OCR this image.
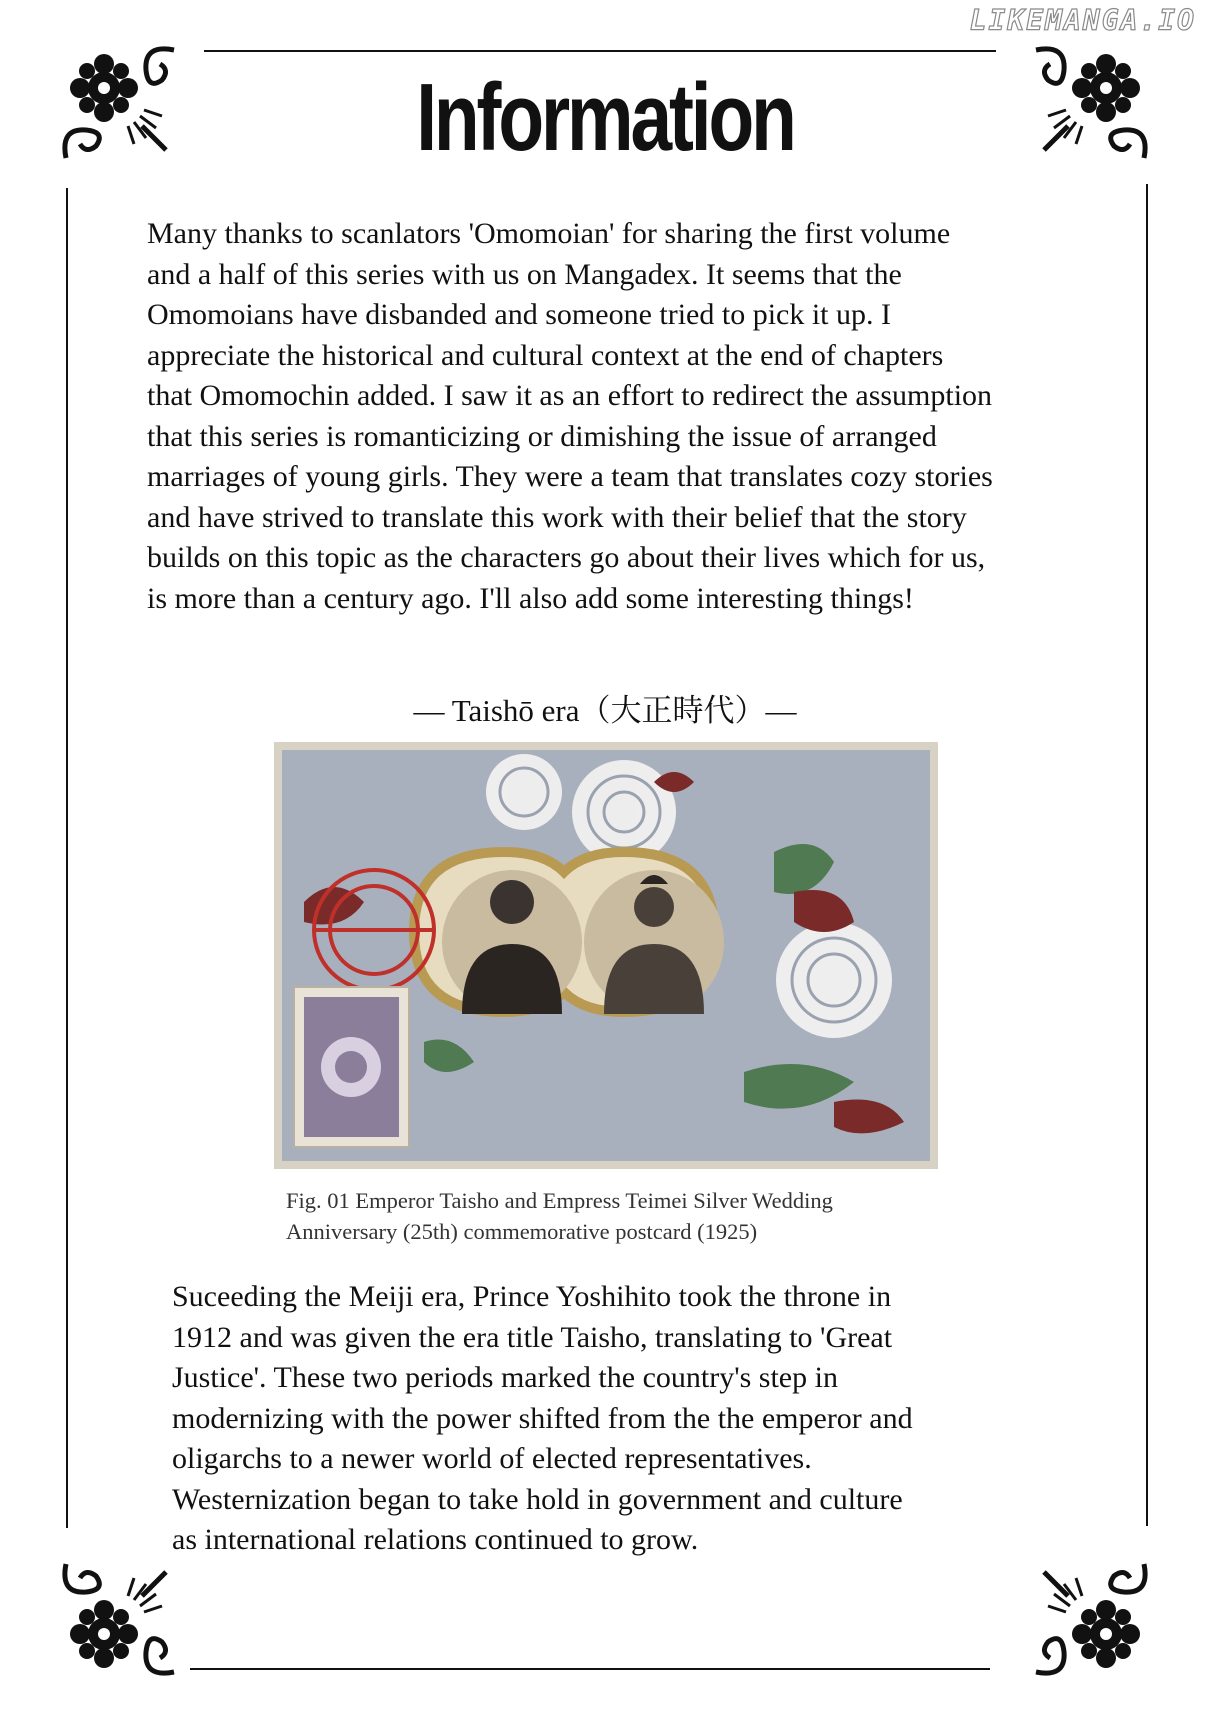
LIKEMANGA.IO
Information

Many thanks to scanlators 'Omomoian' for sharing the first volume
and a half of this series with us on Mangadex. It seems that the
Omomoians have disbanded and someone tried to pick it up. I
appreciate the historical and cultural context at the end of chapters
that Omomochin added. I saw it as an effort to redirect the assumption
that this series is romanticizing or dimishing the issue of arranged
marriages of young girls. They were a team that translates cozy stories
and have strived to translate this work with their belief that the story
builds on this topic as the characters go about their lives which for us,
is more than a century ago. I'll also add some interesting things!

— Taishō era（大正時代）—
Fig. 01 Emperor Taisho and Empress Teimei Silver Wedding
Anniversary (25th) commemorative postcard (1925)

Suceeding the Meiji era, Prince Yoshihito took the throne in
1912 and was given the era title Taisho, translating to 'Great
Justice'. These two periods marked the country's step in
modernizing with the power shifted from the the emperor and
oligarchs to a newer world of elected representatives.
Westernization began to take hold in government and culture
as international relations continued to grow.
